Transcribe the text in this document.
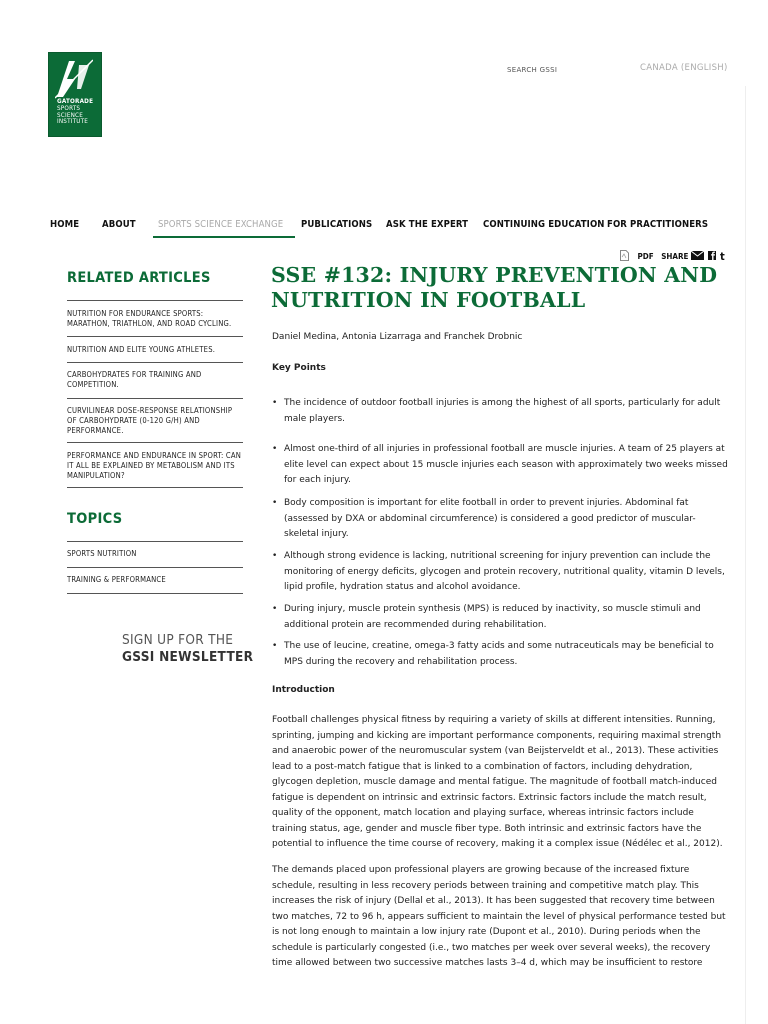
GATORADE
SPORTS
SCIENCE
INSTITUTE
SEARCH GSSI	CANADA (ENGLISH)
HOME ABOUT SPORTS SCIENCE EXCHANGE PUBLICATIONS ASK THE EXPERT CONTINUING EDUCATION FOR PRACTITIONERS
PDF SHARE	t
RELATED ARTICLES
NUTRITION FOR ENDURANCE SPORTS: MARATHON, TRIATHLON, AND ROAD CYCLING.
NUTRITION AND ELITE YOUNG ATHLETES.
CARBOHYDRATES FOR TRAINING AND COMPETITION.
CURVILINEAR DOSE-RESPONSE RELATIONSHIP OF CARBOHYDRATE (0-120 G/H) AND PERFORMANCE.
PERFORMANCE AND ENDURANCE IN SPORT: CAN IT ALL BE EXPLAINED BY METABOLISM AND ITS MANIPULATION?
TOPICS
SPORTS NUTRITION
TRAINING & PERFORMANCE
SIGN UP FOR THE
GSSI NEWSLETTER
SSE #132: INJURY PREVENTION AND NUTRITION IN FOOTBALL
Daniel Medina, Antonia Lizarraga and Franchek Drobnic
Key Points
• The incidence of outdoor football injuries is among the highest of all sports, particularly for adult male players.
• Almost one-third of all injuries in professional football are muscle injuries. A team of 25 players at elite level can expect about 15 muscle injuries each season with approximately two weeks missed for each injury.
• Body composition is important for elite football in order to prevent injuries. Abdominal fat (assessed by DXA or abdominal circumference) is considered a good predictor of muscular-skeletal injury.
• Although strong evidence is lacking, nutritional screening for injury prevention can include the monitoring of energy deficits, glycogen and protein recovery, nutritional quality, vitamin D levels, lipid profile, hydration status and alcohol avoidance.
• During injury, muscle protein synthesis (MPS) is reduced by inactivity, so muscle stimuli and additional protein are recommended during rehabilitation.
• The use of leucine, creatine, omega-3 fatty acids and some nutraceuticals may be beneficial to MPS during the recovery and rehabilitation process.
Introduction
Football challenges physical fitness by requiring a variety of skills at different intensities. Running, sprinting, jumping and kicking are important performance components, requiring maximal strength and anaerobic power of the neuromuscular system (van Beijsterveldt et al., 2013). These activities lead to a post-match fatigue that is linked to a combination of factors, including dehydration, glycogen depletion, muscle damage and mental fatigue. The magnitude of football match-induced fatigue is dependent on intrinsic and extrinsic factors. Extrinsic factors include the match result, quality of the opponent, match location and playing surface, whereas intrinsic factors include training status, age, gender and muscle fiber type. Both intrinsic and extrinsic factors have the potential to influence the time course of recovery, making it a complex issue (Nédélec et al., 2012).
The demands placed upon professional players are growing because of the increased fixture schedule, resulting in less recovery periods between training and competitive match play. This increases the risk of injury (Dellal et al., 2013). It has been suggested that recovery time between two matches, 72 to 96 h, appears sufficient to maintain the level of physical performance tested but is not long enough to maintain a low injury rate (Dupont et al., 2010). During periods when the schedule is particularly congested (i.e., two matches per week over several weeks), the recovery time allowed between two successive matches lasts 3–4 d, which may be insufficient to restore
